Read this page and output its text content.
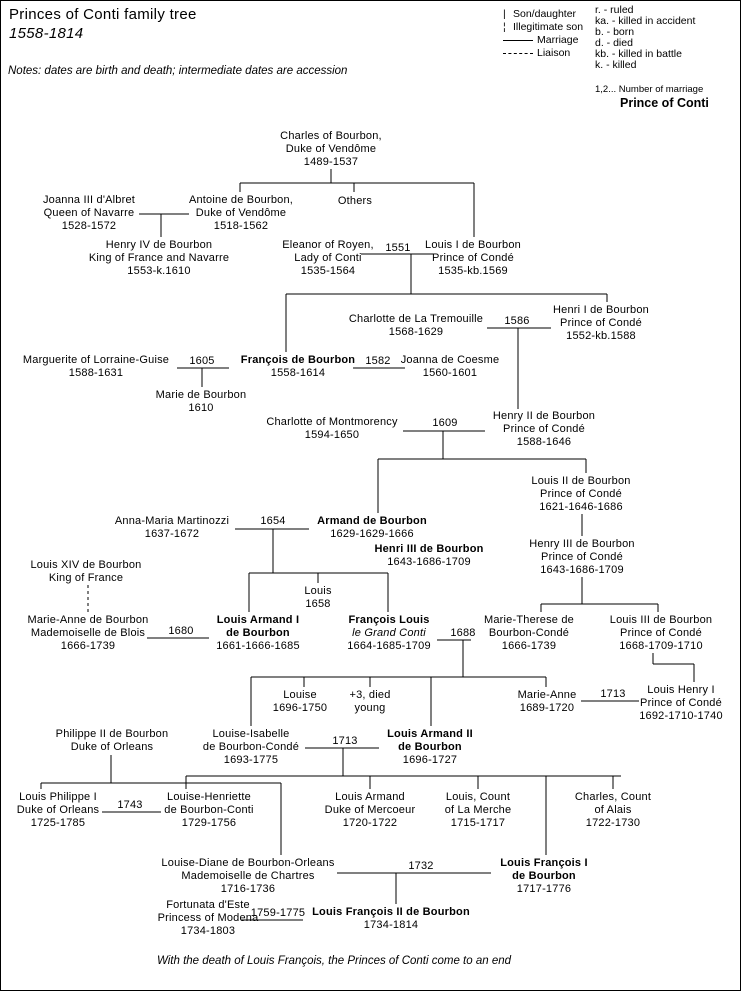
Princes of Conti family tree
1558-1814
Notes: dates are birth and death; intermediate dates are accession
| Son/daughter
¦ Illegitimate son
Marriage
Liaison
r. - ruled
ka. - killed in accident
b. - born
d. - died
kb. - killed in battle
k. - killed
1,2... Number of marriage
Prince of Conti
Charles of Bourbon,
Duke of Vendôme
1489-1537
Joanna III d'Albret
Queen of Navarre
1528-1572
Antoine de Bourbon,
Duke of Vendôme
1518-1562
Others
Henry IV de Bourbon
King of France and Navarre
1553-k.1610
Eleanor of Royen,
Lady of Conti
1535-1564
Louis I de Bourbon
Prince of Condé
1535-kb.1569
Charlotte de La Tremouille
1568-1629
Henri I de Bourbon
Prince of Condé
1552-kb.1588
Marguerite of Lorraine-Guise
1588-1631
François de Bourbon
1558-1614
Joanna de Coesme
1560-1601
Marie de Bourbon
1610
Charlotte of Montmorency
1594-1650
Henry II de Bourbon
Prince of Condé
1588-1646
Louis II de Bourbon
Prince of Condé
1621-1646-1686
Anna-Maria Martinozzi
1637-1672
Armand de Bourbon
1629-1629-1666
Henri III de Bourbon
1643-1686-1709
Henry III de Bourbon
Prince of Condé
1643-1686-1709
Louis XIV de Bourbon
King of France
Louis
1658
Marie-Anne de Bourbon
Mademoiselle de Blois
1666-1739
Louis Armand I
de Bourbon
1661-1666-1685
François Louis
le Grand Conti
1664-1685-1709
Marie-Therese de
Bourbon-Condé
1666-1739
Louis III de Bourbon
Prince of Condé
1668-1709-1710
Louise
1696-1750
+3, died
young
Marie-Anne
1689-1720
Louis Henry I
Prince of Condé
1692-1710-1740
Philippe II de Bourbon
Duke of Orleans
Louise-Isabelle
de Bourbon-Condé
1693-1775
Louis Armand II
de Bourbon
1696-1727
Louis Philippe I
Duke of Orleans
1725-1785
Louise-Henriette
de Bourbon-Conti
1729-1756
Louis Armand
Duke of Mercoeur
1720-1722
Louis, Count
of La Merche
1715-1717
Charles, Count
of Alais
1722-1730
Louise-Diane de Bourbon-Orleans
Mademoiselle de Chartres
1716-1736
Louis François I
de Bourbon
1717-1776
Fortunata d'Este
Princess of Modena
1734-1803
Louis François II de Bourbon
1734-1814
1551
1586
1605	1582
1609
1654
1680	1688
1713
1713
1743
1732
1759-1775
With the death of Louis François, the Princes of Conti come to an end
